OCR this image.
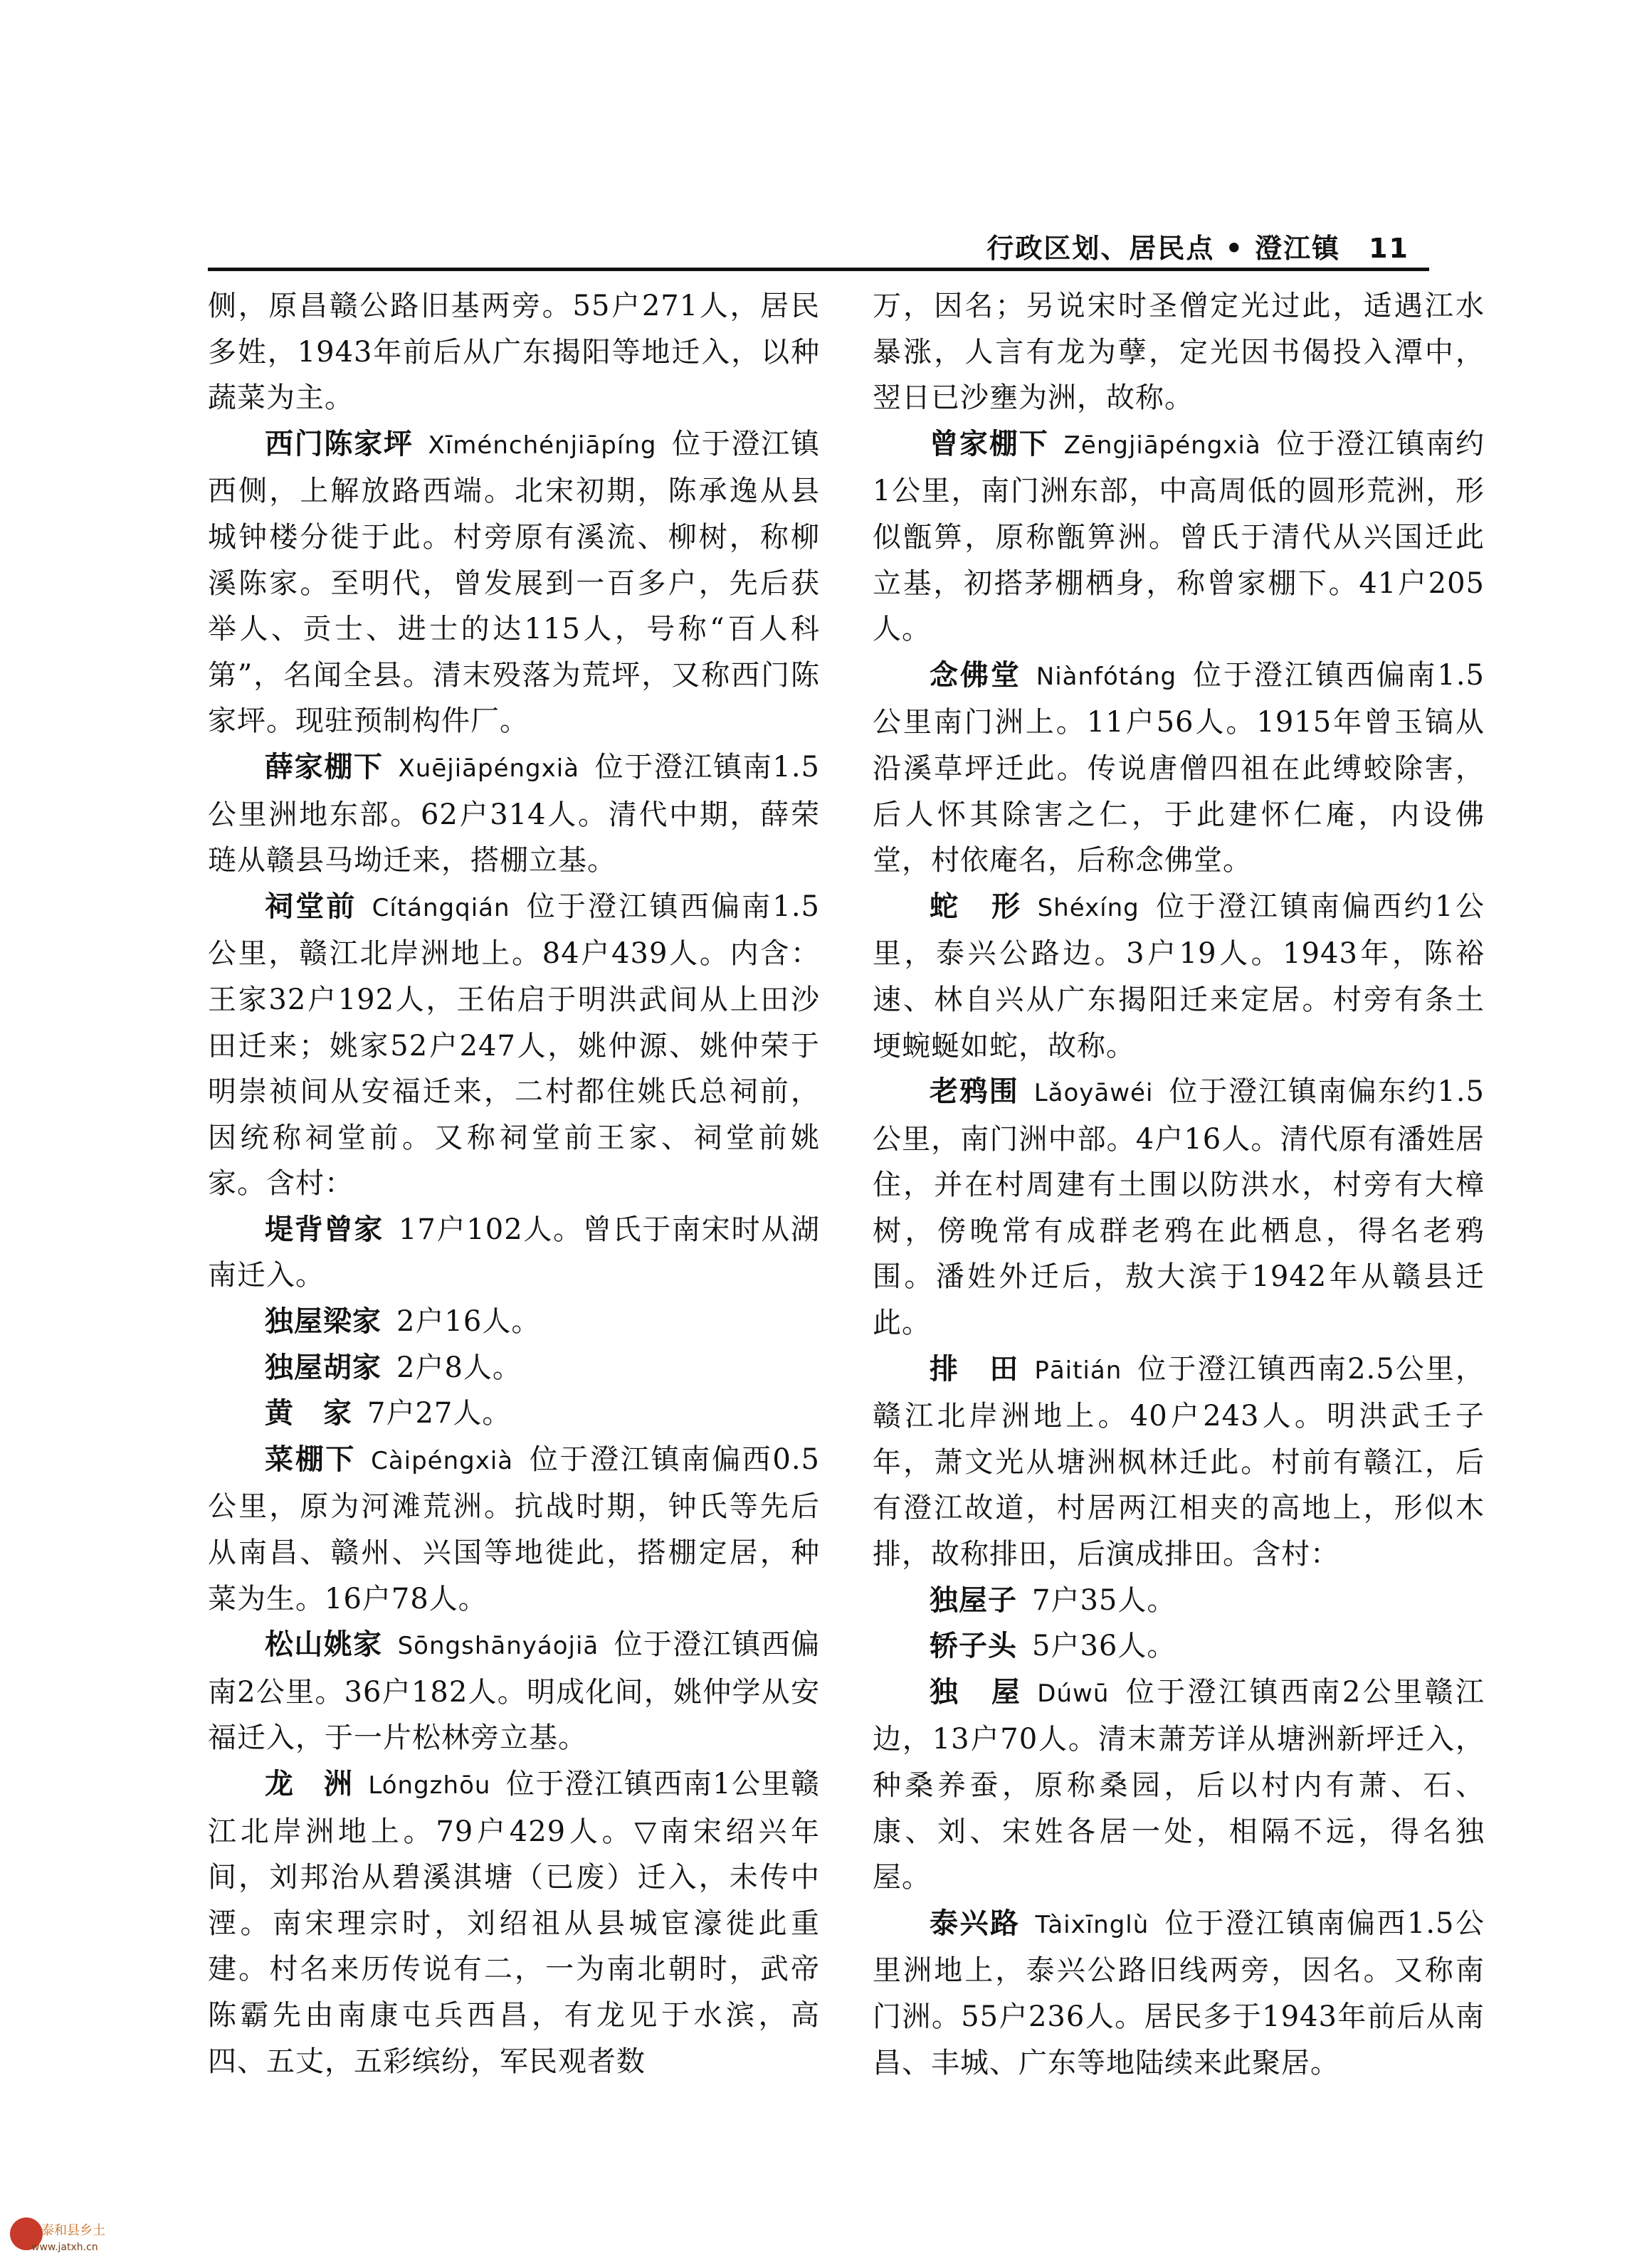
行政区划、居民点 • 澄江镇　11

侧，原昌赣公路旧基两旁。55户271人，居民多姓，1943年前后从广东揭阳等地迁入，以种蔬菜为主。

西门陈家坪  Xīménchénjiāpíng  位于澄江镇西侧，上解放路西端。北宋初期，陈承逸从县城钟楼分徙于此。村旁原有溪流、柳树，称柳溪陈家。至明代，曾发展到一百多户，先后获举人、贡士、进士的达115人，号称“百人科第”，名闻全县。清末殁落为荒坪，又称西门陈家坪。现驻预制构件厂。

薛家棚下  Xuējiāpéngxià  位于澄江镇南1.5公里洲地东部。62户314人。清代中期，薛荣琏从赣县马坳迁来，搭棚立基。

祠堂前  Cítángqián  位于澄江镇西偏南1.5公里，赣江北岸洲地上。84户439人。内含：王家32户192人，王佑启于明洪武间从上田沙田迁来；姚家52户247人，姚仲源、姚仲荣于明崇祯间从安福迁来，二村都住姚氏总祠前，因统称祠堂前。又称祠堂前王家、祠堂前姚家。含村：

堤背曾家  17户102人。曾氏于南宋时从湖南迁入。

独屋梁家  2户16人。

独屋胡家  2户8人。

黄　家  7户27人。

菜棚下  Càipéngxià  位于澄江镇南偏西0.5公里，原为河滩荒洲。抗战时期，钟氏等先后从南昌、赣州、兴国等地徙此，搭棚定居，种菜为生。16户78人。

松山姚家  Sōngshānyáojiā  位于澄江镇西偏南2公里。36户182人。明成化间，姚仲学从安福迁入，于一片松林旁立基。

龙　洲  Lóngzhōu  位于澄江镇西南1公里赣江北岸洲地上。79户429人。▽南宋绍兴年间，刘邦治从碧溪淇塘（已废）迁入，未传中湮。南宋理宗时，刘绍祖从县城宦濠徙此重建。村名来历传说有二，一为南北朝时，武帝陈霸先由南康屯兵西昌，有龙见于水滨，高四、五丈，五彩缤纷，军民观者数

万，因名；另说宋时圣僧定光过此，适遇江水暴涨，人言有龙为孽，定光因书偈投入潭中，翌日已沙壅为洲，故称。

曾家棚下  Zēngjiāpéngxià  位于澄江镇南约1公里，南门洲东部，中高周低的圆形荒洲，形似甑箅，原称甑箅洲。曾氏于清代从兴国迁此立基，初搭茅棚栖身，称曾家棚下。41户205人。

念佛堂  Niànfótáng  位于澄江镇西偏南1.5公里南门洲上。11户56人。1915年曾玉镐从沿溪草坪迁此。传说唐僧四祖在此缚蛟除害，后人怀其除害之仁，于此建怀仁庵，内设佛堂，村依庵名，后称念佛堂。

蛇　形  Shéxíng  位于澄江镇南偏西约1公里，泰兴公路边。3户19人。1943年，陈裕速、林自兴从广东揭阳迁来定居。村旁有条土埂蜿蜒如蛇，故称。

老鸦围  Lǎoyāwéi  位于澄江镇南偏东约1.5公里，南门洲中部。4户16人。清代原有潘姓居住，并在村周建有土围以防洪水，村旁有大樟树，傍晚常有成群老鸦在此栖息，得名老鸦围。潘姓外迁后，敖大滨于1942年从赣县迁此。

排　田  Pāitián  位于澄江镇西南2.5公里，赣江北岸洲地上。40户243人。明洪武壬子年，萧文光从塘洲枫林迁此。村前有赣江，后有澄江故道，村居两江相夹的高地上，形似木排，故称排田，后演成排田。含村：

独屋子  7户35人。

轿子头  5户36人。

独　屋  Dúwū  位于澄江镇西南2公里赣江边，13户70人。清末萧芳详从塘洲新坪迁入，种桑养蚕，原称桑园，后以村内有萧、石、康、刘、宋姓各居一处，相隔不远，得名独屋。

泰兴路  Tàixīnglù  位于澄江镇南偏西1.5公里洲地上，泰兴公路旧线两旁，因名。又称南门洲。55户236人。居民多于1943年前后从南昌、丰城、广东等地陆续来此聚居。

泰和县乡土
www.jatxh.cn
